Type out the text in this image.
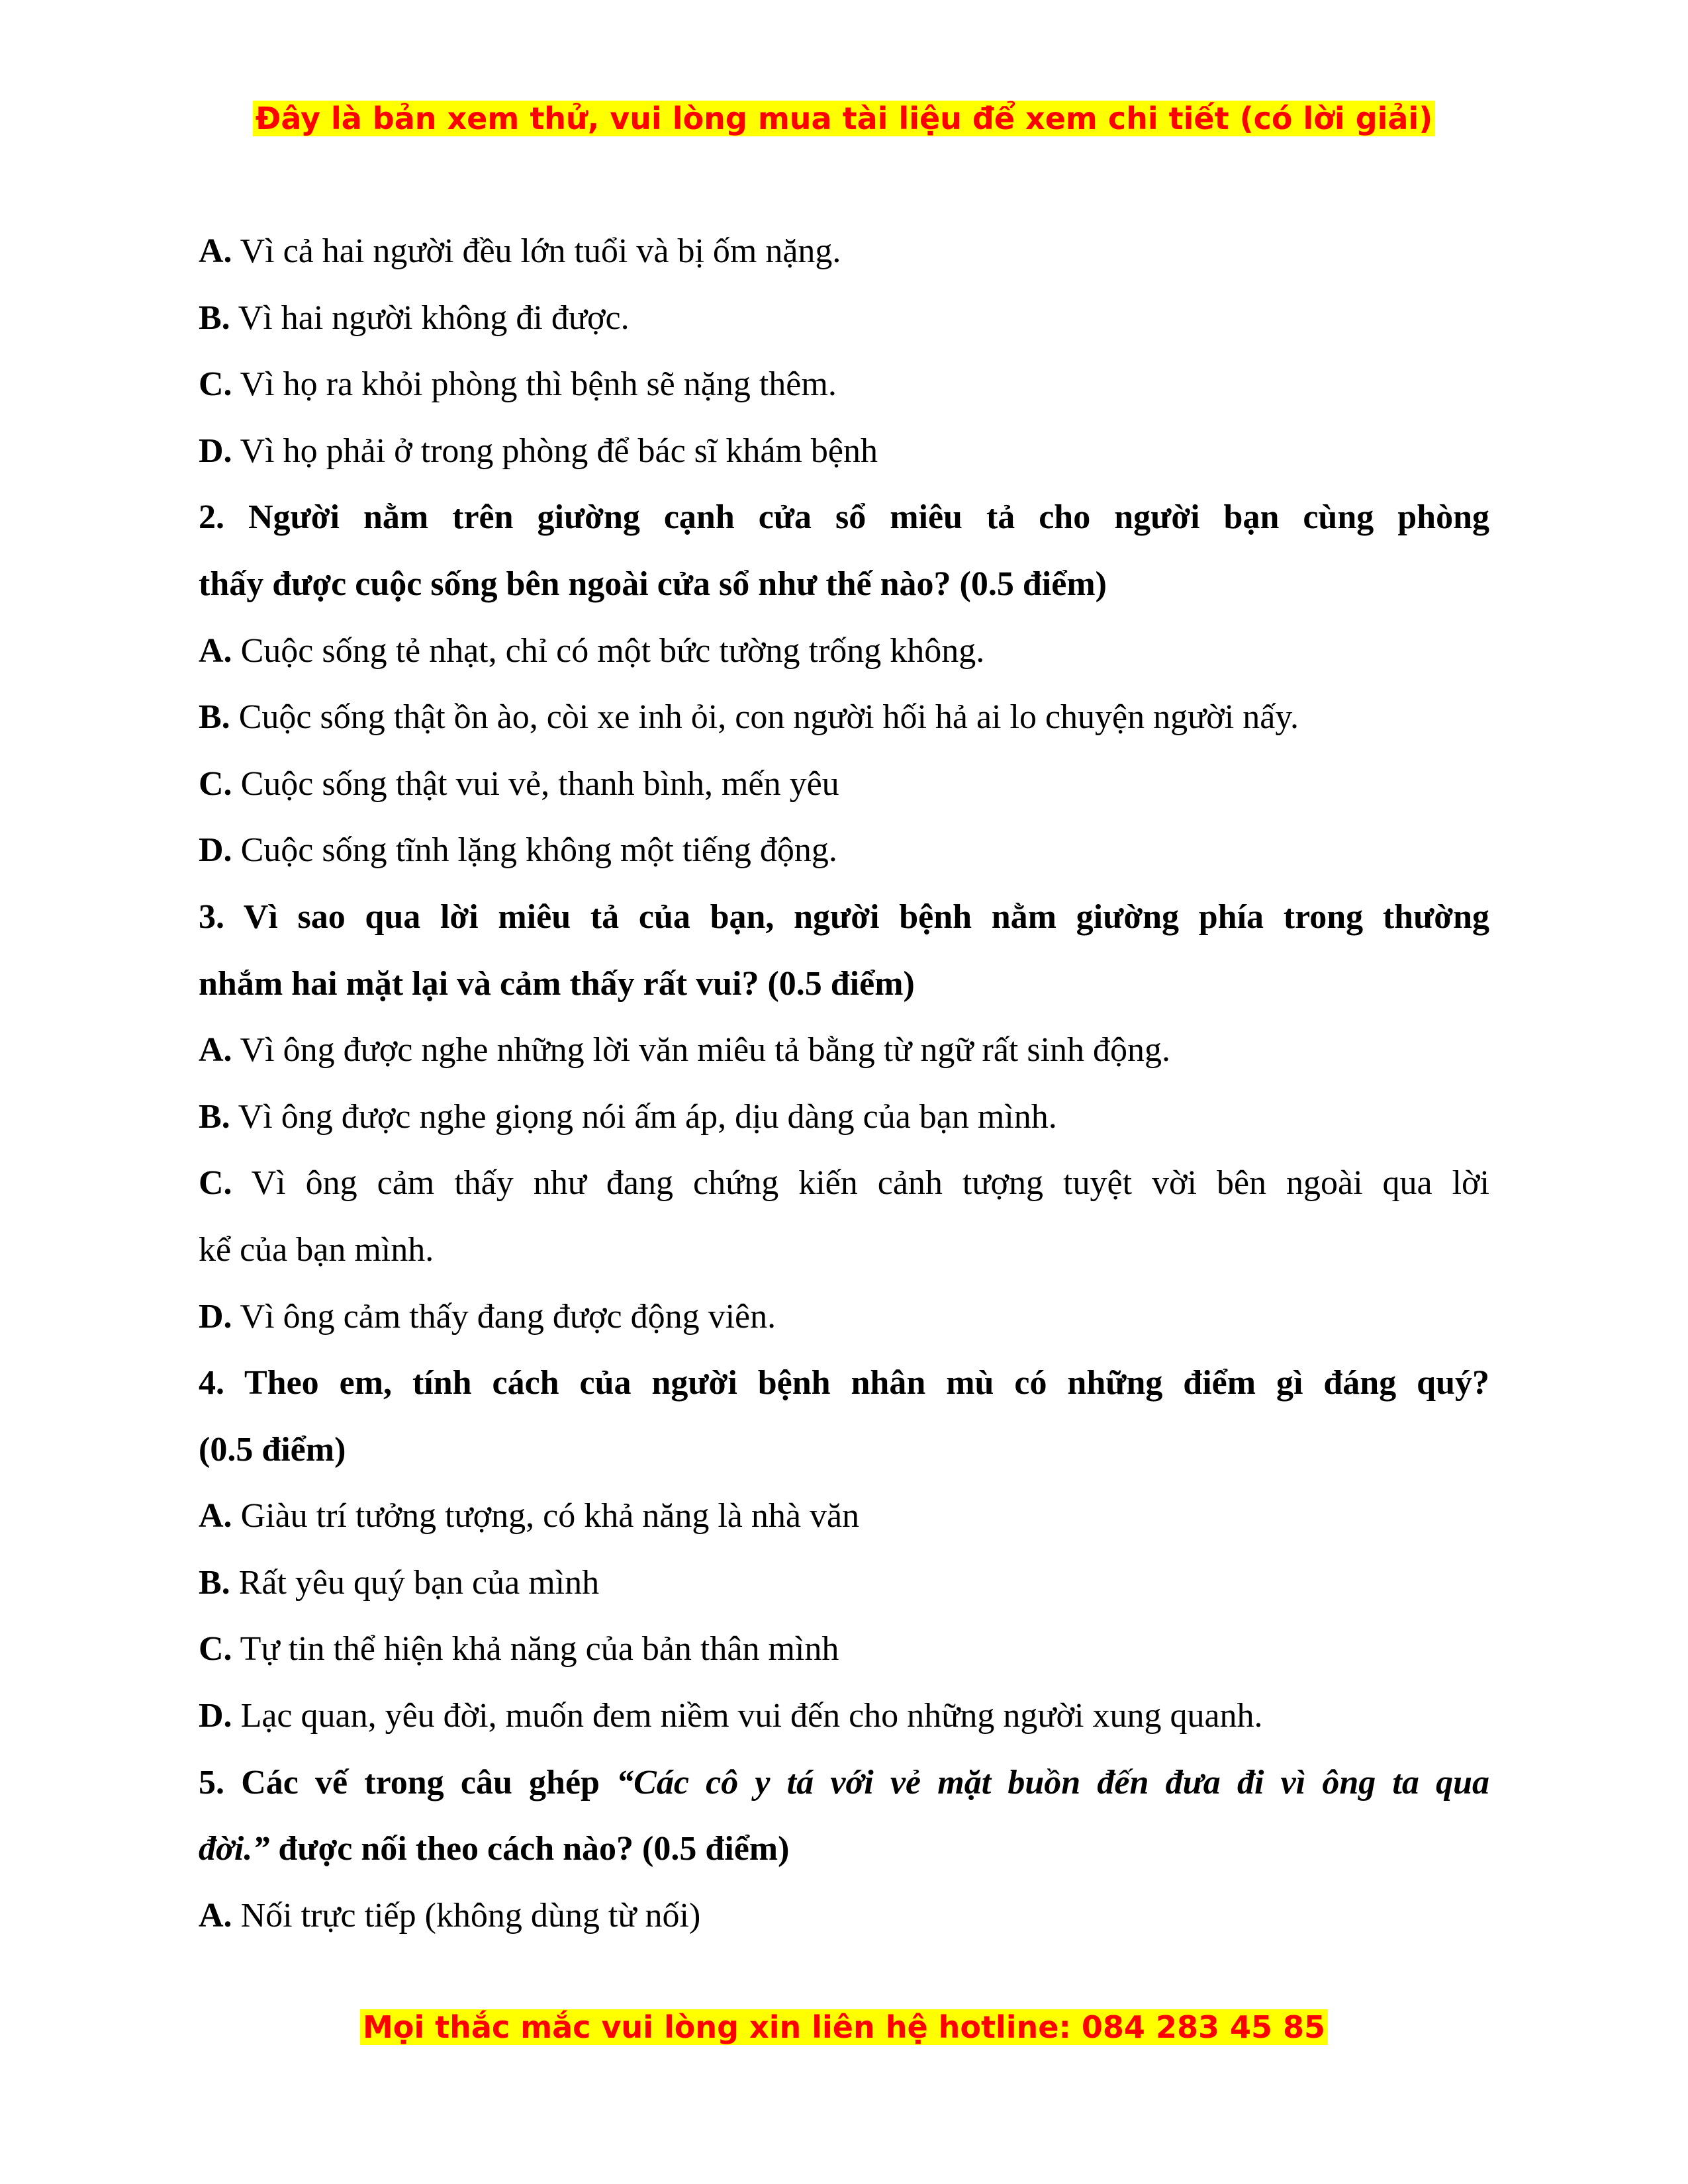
Đây là bản xem thử, vui lòng mua tài liệu để xem chi tiết (có lời giải)
A. Vì cả hai người đều lớn tuổi và bị ốm nặng.
B. Vì hai người không đi được.
C. Vì họ ra khỏi phòng thì bệnh sẽ nặng thêm.
D. Vì họ phải ở trong phòng để bác sĩ khám bệnh
2. Người nằm trên giường cạnh cửa sổ miêu tả cho người bạn cùng phòng
thấy được cuộc sống bên ngoài cửa sổ như thế nào? (0.5 điểm)
A. Cuộc sống tẻ nhạt, chỉ có một bức tường trống không.
B. Cuộc sống thật ồn ào, còi xe inh ỏi, con người hối hả ai lo chuyện người nấy.
C. Cuộc sống thật vui vẻ, thanh bình, mến yêu
D. Cuộc sống tĩnh lặng không một tiếng động.
3. Vì sao qua lời miêu tả của bạn, người bệnh nằm giường phía trong thường
nhắm hai mặt lại và cảm thấy rất vui? (0.5 điểm)
A. Vì ông được nghe những lời văn miêu tả bằng từ ngữ rất sinh động.
B. Vì ông được nghe giọng nói ấm áp, dịu dàng của bạn mình.
C. Vì ông cảm thấy như đang chứng kiến cảnh tượng tuyệt vời bên ngoài qua lời
kể của bạn mình.
D. Vì ông cảm thấy đang được động viên.
4. Theo em, tính cách của người bệnh nhân mù có những điểm gì đáng quý?
(0.5 điểm)
A. Giàu trí tưởng tượng, có khả năng là nhà văn
B. Rất yêu quý bạn của mình
C. Tự tin thể hiện khả năng của bản thân mình
D. Lạc quan, yêu đời, muốn đem niềm vui đến cho những người xung quanh.
5. Các vế trong câu ghép “Các cô y tá với vẻ mặt buồn đến đưa đi vì ông ta qua
đời.” được nối theo cách nào? (0.5 điểm)
A. Nối trực tiếp (không dùng từ nối)
Mọi thắc mắc vui lòng xin liên hệ hotline: 084 283 45 85
